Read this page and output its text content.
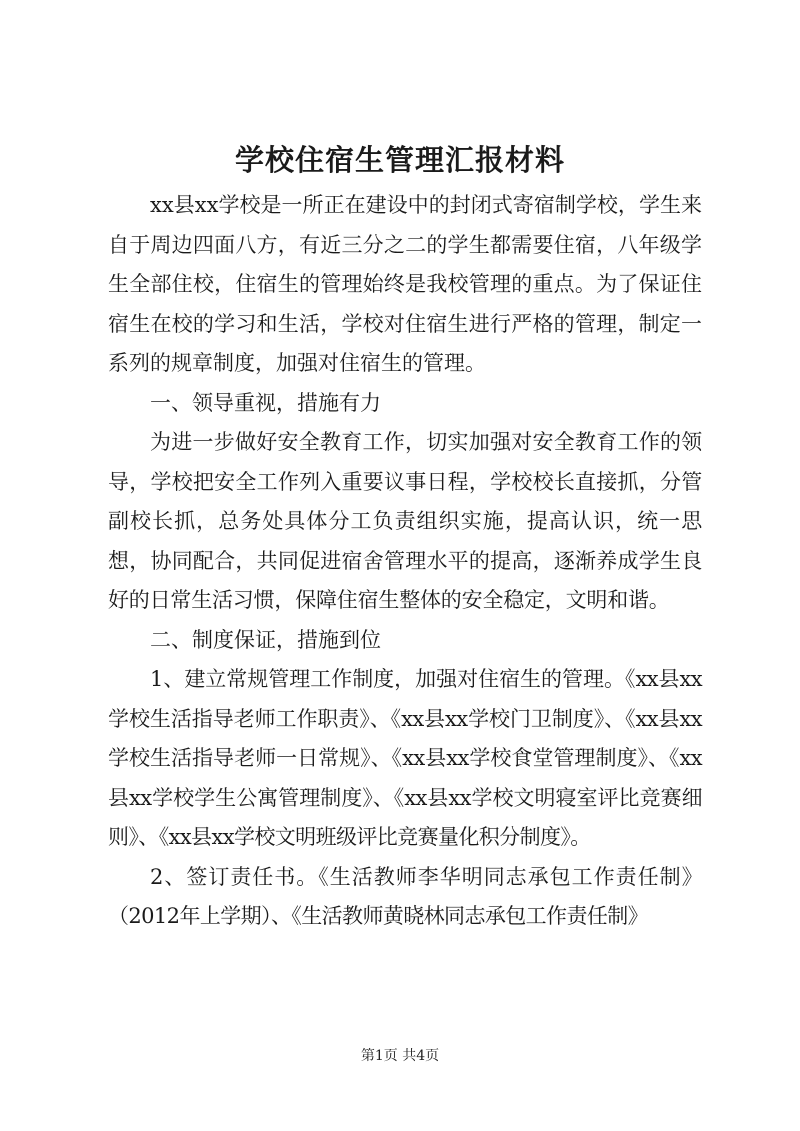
学校住宿生管理汇报材料

xx县xx学校是一所正在建设中的封闭式寄宿制学校，学生来自于周边四面八方，有近三分之二的学生都需要住宿，八年级学生全部住校，住宿生的管理始终是我校管理的重点。为了保证住宿生在校的学习和生活，学校对住宿生进行严格的管理，制定一系列的规章制度，加强对住宿生的管理。

一、领导重视，措施有力

为进一步做好安全教育工作，切实加强对安全教育工作的领导，学校把安全工作列入重要议事日程，学校校长直接抓，分管副校长抓，总务处具体分工负责组织实施，提高认识，统一思想，协同配合，共同促进宿舍管理水平的提高，逐渐养成学生良好的日常生活习惯，保障住宿生整体的安全稳定，文明和谐。

二、制度保证，措施到位

1、建立常规管理工作制度，加强对住宿生的管理。《xx县xx学校生活指导老师工作职责》、《xx县xx学校门卫制度》、《xx县xx学校生活指导老师一日常规》、《xx县xx学校食堂管理制度》、《xx县xx学校学生公寓管理制度》、《xx县xx学校文明寝室评比竞赛细则》、《xx县xx学校文明班级评比竞赛量化积分制度》。

2、签订责任书。《生活教师李华明同志承包工作责任制》（2012年上学期）、《生活教师黄晓林同志承包工作责任制》

第1页 共4页
